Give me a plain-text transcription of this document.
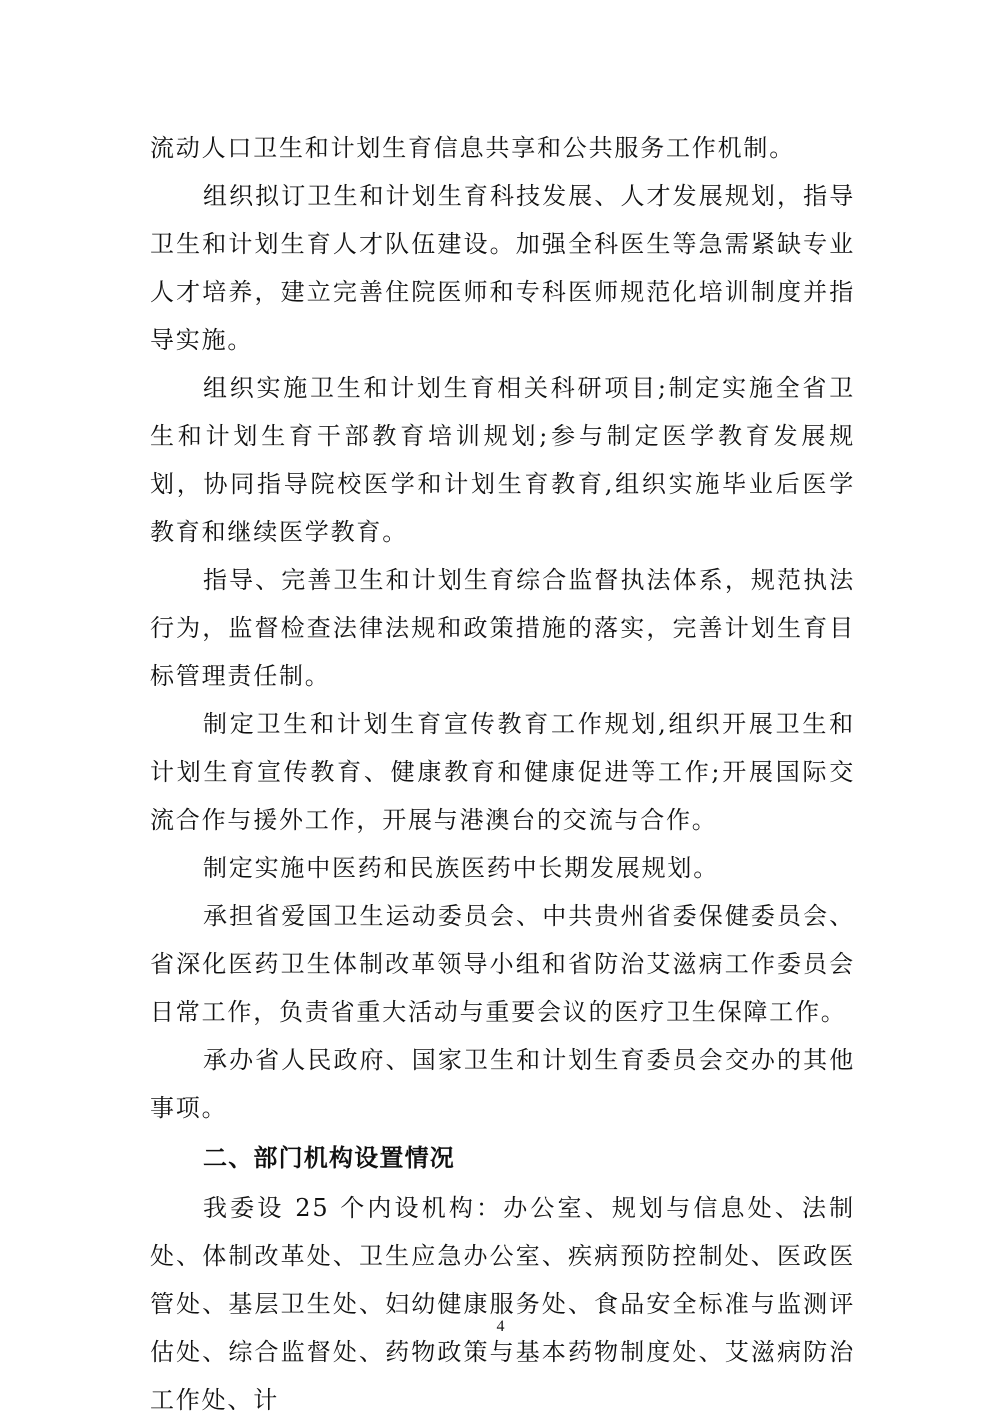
流动人口卫生和计划生育信息共享和公共服务工作机制。

组织拟订卫生和计划生育科技发展、人才发展规划，指导卫生和计划生育人才队伍建设。加强全科医生等急需紧缺专业人才培养，建立完善住院医师和专科医师规范化培训制度并指导实施。

组织实施卫生和计划生育相关科研项目;制定实施全省卫生和计划生育干部教育培训规划;参与制定医学教育发展规划，协同指导院校医学和计划生育教育,组织实施毕业后医学教育和继续医学教育。

指导、完善卫生和计划生育综合监督执法体系，规范执法行为，监督检查法律法规和政策措施的落实，完善计划生育目标管理责任制。

制定卫生和计划生育宣传教育工作规划,组织开展卫生和计划生育宣传教育、健康教育和健康促进等工作;开展国际交流合作与援外工作，开展与港澳台的交流与合作。

制定实施中医药和民族医药中长期发展规划。

承担省爱国卫生运动委员会、中共贵州省委保健委员会、省深化医药卫生体制改革领导小组和省防治艾滋病工作委员会日常工作，负责省重大活动与重要会议的医疗卫生保障工作。

承办省人民政府、国家卫生和计划生育委员会交办的其他事项。

二、部门机构设置情况

我委设 25 个内设机构：办公室、规划与信息处、法制处、体制改革处、卫生应急办公室、疾病预防控制处、医政医管处、基层卫生处、妇幼健康服务处、食品安全标准与监测评估处、综合监督处、药物政策与基本药物制度处、艾滋病防治工作处、计

4
